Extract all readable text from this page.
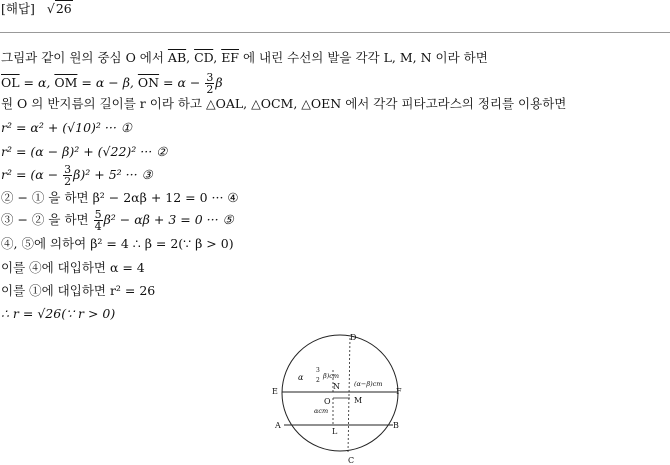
[해답] √26
그림과 같이 원의 중심 O 에서 $\overline{AB}$, $\overline{CD}$, $\overline{EF}$ 에 내린 수선의 발을 각각 L, M, N 이라 하면
$\overline{OL} = \alpha$, $\overline{OM} = \alpha - \beta$, $\overline{ON} = \alpha - \frac{3}{2}$ β
원 O 의 반지름의 길이를 r 이라 하고 △OAL, △OCM, △OEN 에서 각각 피타고라스의 정리를 이용하면
r² = α² + (√10)² ··· ①
r² = (α − β)² + (√22)² ··· ②
$r^2 = (\alpha - \frac{3}{2} \beta)^2 + 5^2$ ··· ③
② − ① 을 하면 β² − 2αβ + 12 = 0 ··· ④
③ − ② 을 하면 $\frac{5}{4} \beta^2 - \alpha\beta + 3 = 0$ ··· ⑤
④, ⑤에 의하여 β² = 4 ∴ β = 2(∵ β > 0)
이를 ④에 대입하면 α = 4
이를 ①에 대입하면 r² = 26
∴ r = √26(∵ r > 0)
D
E	F
A	B
C
L
M
N
O
α
3
2
β)cm
(α−β)cm
αcm
